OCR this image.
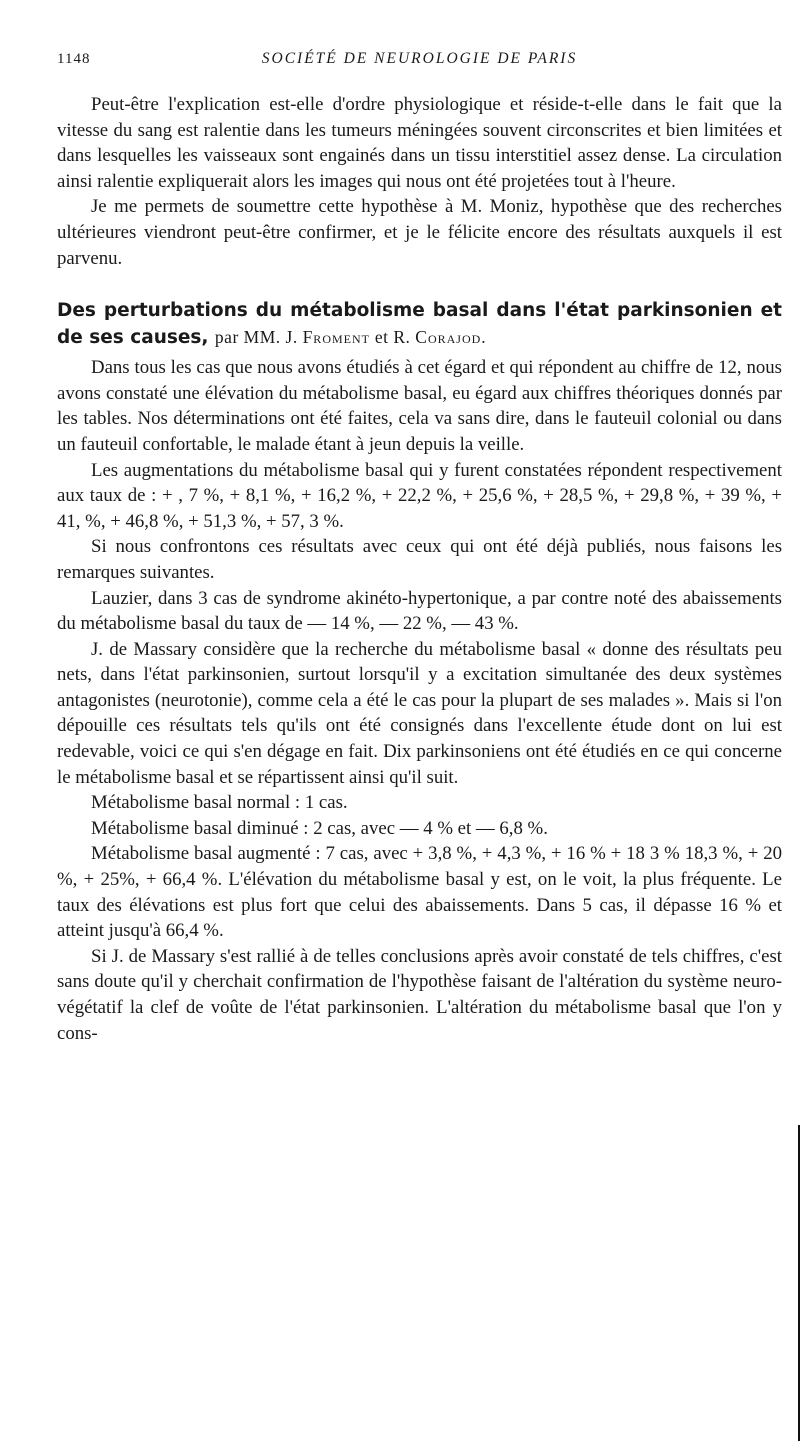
1148	SOCIÉTÉ DE NEUROLOGIE DE PARIS

Peut-être l'explication est-elle d'ordre physiologique et réside-t-elle dans le fait que la vitesse du sang est ralentie dans les tumeurs méningées souvent circonscrites et bien limitées et dans lesquelles les vaisseaux sont engainés dans un tissu interstitiel assez dense. La circulation ainsi ralentie expliquerait alors les images qui nous ont été projetées tout à l'heure.

Je me permets de soumettre cette hypothèse à M. Moniz, hypothèse que des recherches ultérieures viendront peut-être confirmer, et je le félicite encore des résultats auxquels il est parvenu.

Des perturbations du métabolisme basal dans l'état parkinsonien et de ses causes, par MM. J. Froment et R. Corajod.

Dans tous les cas que nous avons étudiés à cet égard et qui répondent au chiffre de 12, nous avons constaté une élévation du métabolisme basal, eu égard aux chiffres théoriques donnés par les tables. Nos déterminations ont été faites, cela va sans dire, dans le fauteuil colonial ou dans un fauteuil confortable, le malade étant à jeun depuis la veille.

Les augmentations du métabolisme basal qui y furent constatées répondent respectivement aux taux de : + , 7 %, + 8,1 %, + 16,2 %, + 22,2 %, + 25,6 %, + 28,5 %, + 29,8 %, + 39 %, + 41, %, + 46,8 %, + 51,3 %, + 57, 3 %.

Si nous confrontons ces résultats avec ceux qui ont été déjà publiés, nous faisons les remarques suivantes.

Lauzier, dans 3 cas de syndrome akinéto-hypertonique, a par contre noté des abaissements du métabolisme basal du taux de — 14 %, — 22 %, — 43 %.

J. de Massary considère que la recherche du métabolisme basal « donne des résultats peu nets, dans l'état parkinsonien, surtout lorsqu'il y a excitation simultanée des deux systèmes antagonistes (neurotonie), comme cela a été le cas pour la plupart de ses malades ». Mais si l'on dépouille ces résultats tels qu'ils ont été consignés dans l'excellente étude dont on lui est redevable, voici ce qui s'en dégage en fait. Dix parkinsoniens ont été étudiés en ce qui concerne le métabolisme basal et se répartissent ainsi qu'il suit.

Métabolisme basal normal : 1 cas.

Métabolisme basal diminué : 2 cas, avec — 4 % et — 6,8 %.

Métabolisme basal augmenté : 7 cas, avec + 3,8 %, + 4,3 %, + 16 % + 18 3 % 18,3 %, + 20 %, + 25%, + 66,4 %. L'élévation du métabolisme basal y est, on le voit, la plus fréquente. Le taux des élévations est plus fort que celui des abaissements. Dans 5 cas, il dépasse 16 % et atteint jusqu'à 66,4 %.

Si J. de Massary s'est rallié à de telles conclusions après avoir constaté de tels chiffres, c'est sans doute qu'il y cherchait confirmation de l'hypothèse faisant de l'altération du système neuro-végétatif la clef de voûte de l'état parkinsonien. L'altération du métabolisme basal que l'on y cons-
